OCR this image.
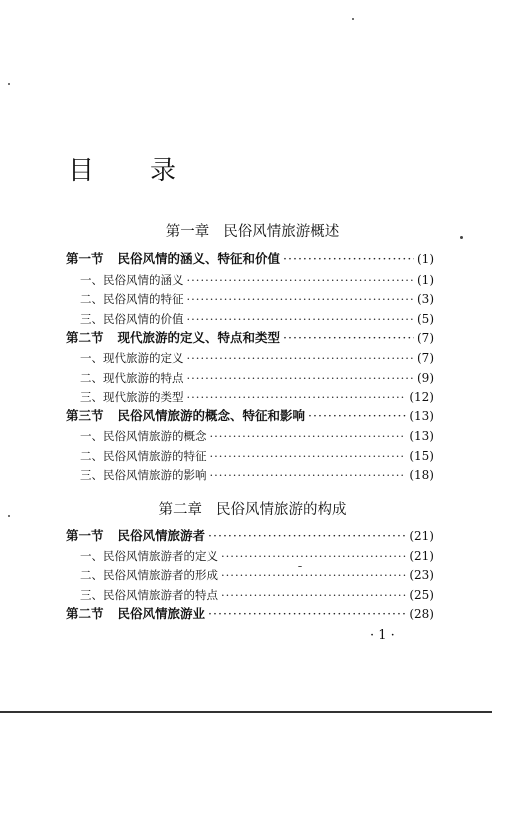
目 录
第一章 民俗风情旅游概述
第一节 民俗风情的涵义、特征和价值 ·····	(1)
一、民俗风情的涵义 ·····	(1)
二、民俗风情的特征 ·····	(3)
三、民俗风情的价值 ·····	(5)
第二节 现代旅游的定义、特点和类型 ·····	(7)
一、现代旅游的定义 ·····	(7)
二、现代旅游的特点 ·····	(9)
三、现代旅游的类型 ·····	(12)
第三节 民俗风情旅游的概念、特征和影响 ·····	(13)
一、民俗风情旅游的概念 ·····	(13)
二、民俗风情旅游的特征 ·····	(15)
三、民俗风情旅游的影响 ·····	(18)
第二章 民俗风情旅游的构成
第一节 民俗风情旅游者 ·····	(21)
一、民俗风情旅游者的定义 ·····	(21)
二、民俗风情旅游者的形成 ·····	(23)
三、民俗风情旅游者的特点 ·····	(25)
第二节 民俗风情旅游业 ·····	(28)
· 1 ·
